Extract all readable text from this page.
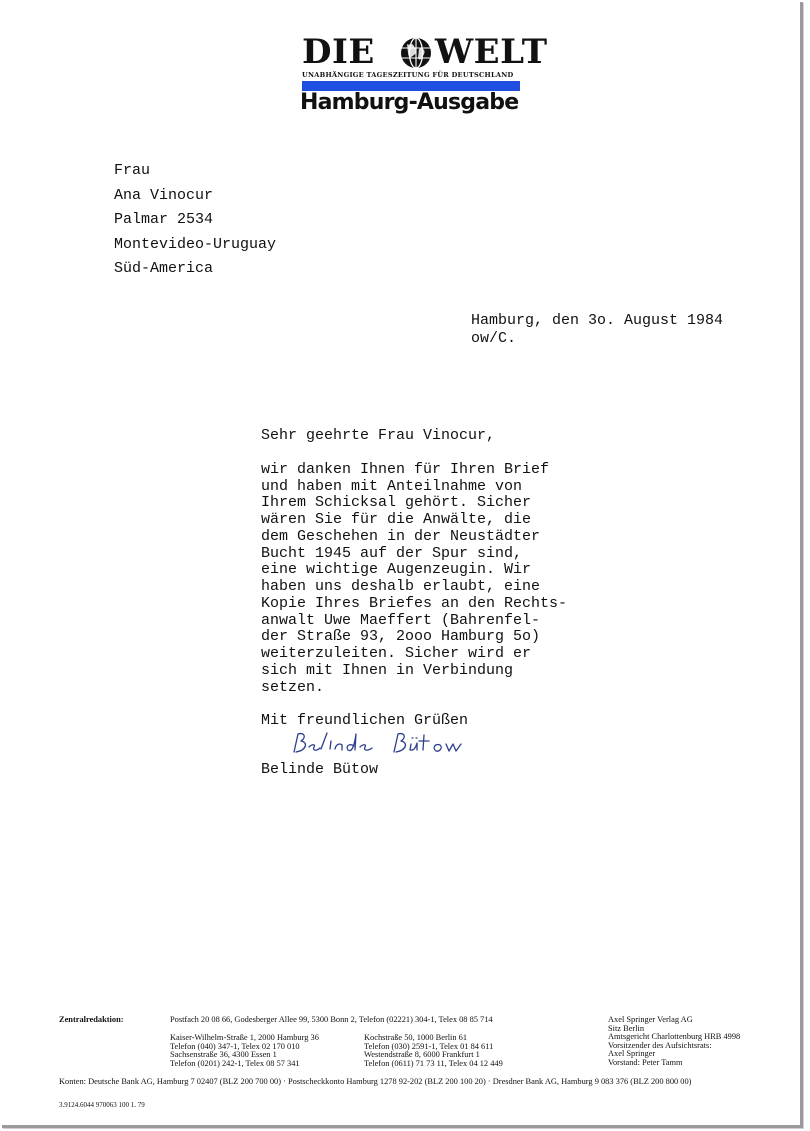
DIE WELT
UNABHÄNGIGE TAGESZEITUNG FÜR DEUTSCHLAND
Hamburg-Ausgabe
Frau
Ana Vinocur
Palmar 2534
Montevideo-Uruguay
Süd-America
Hamburg, den 3o. August 1984
ow/C.
Sehr geehrte Frau Vinocur,
wir danken Ihnen für Ihren Brief
und haben mit Anteilnahme von
Ihrem Schicksal gehört. Sicher
wären Sie für die Anwälte, die
dem Geschehen in der Neustädter
Bucht 1945 auf der Spur sind,
eine wichtige Augenzeugin. Wir
haben uns deshalb erlaubt, eine
Kopie Ihres Briefes an den Rechts-
anwalt Uwe Maeffert (Bahrenfel-
der Straße 93, 2ooo Hamburg 5o)
weiterzuleiten. Sicher wird er
sich mit Ihnen in Verbindung
setzen.
Mit freundlichen Grüßen
Belinde Bütow
Zentralredaktion:	Postfach 20 08 66, Godesberger Allee 99, 5300 Bonn 2, Telefon (02221) 304-1, Telex 08 85 714
Kaiser-Wilhelm-Straße 1, 2000 Hamburg 36
Telefon (040) 347-1, Telex 02 170 010
Sachsenstraße 36, 4300 Essen 1
Telefon (0201) 242-1, Telex 08 57 341
Kochstraße 50, 1000 Berlin 61
Telefon (030) 2591-1, Telex 01 84 611
Westendstraße 8, 6000 Frankfurt 1
Telefon (0611) 71 73 11, Telex 04 12 449
Axel Springer Verlag AG
Sitz Berlin
Amtsgericht Charlottenburg HRB 4998
Vorsitzender des Aufsichtsrats:
Axel Springer
Vorstand: Peter Tamm
Konten: Deutsche Bank AG, Hamburg 7 02407 (BLZ 200 700 00) · Postscheckkonto Hamburg 1278 92-202 (BLZ 200 100 20) · Dresdner Bank AG, Hamburg 9 083 376 (BLZ 200 800 00)
3.9124.6044 970063 100 1. 79
